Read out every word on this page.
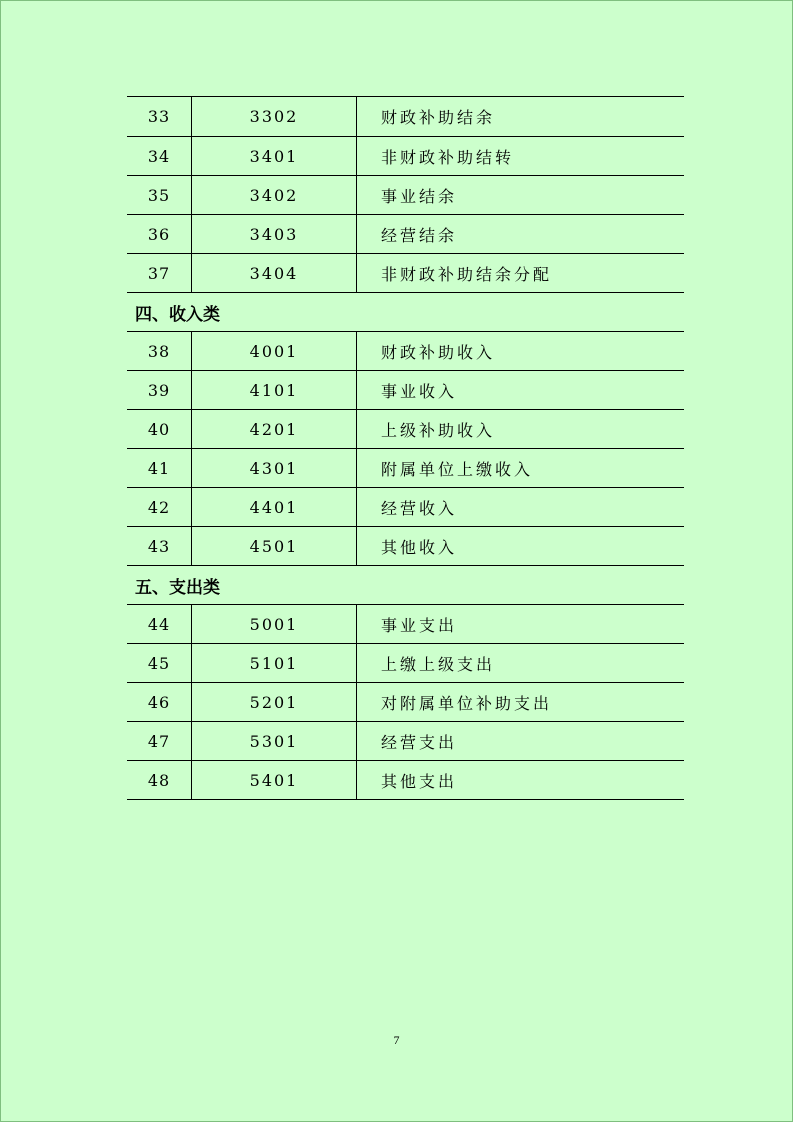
33	3302	财政补助结余
34	3401	非财政补助结转
35	3402	事业结余
36	3403	经营结余
37	3404	非财政补助结余分配
四、收入类
38	4001	财政补助收入
39	4101	事业收入
40	4201	上级补助收入
41	4301	附属单位上缴收入
42	4401	经营收入
43	4501	其他收入
五、支出类
44	5001	事业支出
45	5101	上缴上级支出
46	5201	对附属单位补助支出
47	5301	经营支出
48	5401	其他支出
7
